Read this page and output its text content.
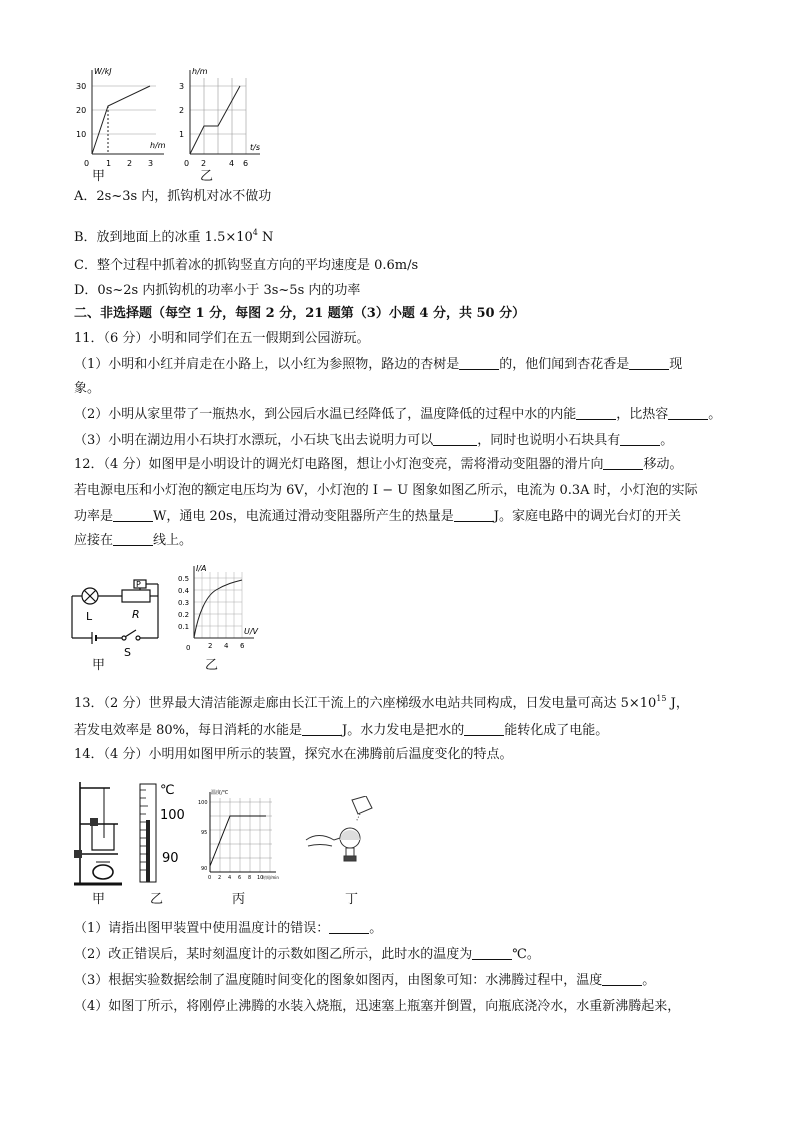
W/kJ
30
20
10
0 1 2 3
h/m
甲
h/m
3
2
1
0 2	4 6
t/s
乙
A．2s~3s 内，抓钩机对冰不做功
B．放到地面上的冰重 $1.5\times 10^4$ N
C．整个过程中抓着冰的抓钩竖直方向的平均速度是 0.6m/s
D．0s~2s 内抓钩机的功率小于 3s~5s 内的功率
二、非选择题（每空 1 分，每图 2 分，21 题第（3）小题 4 分，共 50 分）
11．（6 分）小明和同学们在五一假期到公园游玩。
（1）小明和小红并肩走在小路上，以小红为参照物，路边的杏树是	的，他们闻到杏花香是	现
象。
（2）小明从家里带了一瓶热水，到公园后水温已经降低了，温度降低的过程中水的内能	，比热容	。
（3）小明在湖边用小石块打水漂玩，小石块飞出去说明力可以	，同时也说明小石块具有	。
12．（4 分）如图甲是小明设计的调光灯电路图，想让小灯泡变亮，需将滑动变阻器的滑片向	移动。
若电源电压和小灯泡的额定电压均为 6V，小灯泡的 I − U 图象如图乙所示，电流为 0.3A 时，小灯泡的实际
功率是	W，通电 20s，电流通过滑动变阻器所产生的热量是	J。家庭电路中的调光台灯的开关
应接在	线上。
L
P
R
S
甲
I/A
0.5
0.4
0.3
0.2
0.1
0	2 4 6
U/V
乙
13．（2 分）世界最大清洁能源走廊由长江干流上的六座梯级水电站共同构成，日发电量可高达 $5\times 10^{15}$ J，
若发电效率是 80%，每日消耗的水能是	J。水力发电是把水的	能转化成了电能。
14．（4 分）小明用如图甲所示的装置，探究水在沸腾前后温度变化的特点。
甲
℃
100
90
乙
温度/℃
100
95
90
0 2 4 6 8 10
时间/min
丙	丁
（1）请指出图甲装置中使用温度计的错误：	。
（2）改正错误后，某时刻温度计的示数如图乙所示，此时水的温度为	℃。
（3）根据实验数据绘制了温度随时间变化的图象如图丙，由图象可知：水沸腾过程中，温度	。
（4）如图丁所示，将刚停止沸腾的水装入烧瓶，迅速塞上瓶塞并倒置，向瓶底浇冷水，水重新沸腾起来，
